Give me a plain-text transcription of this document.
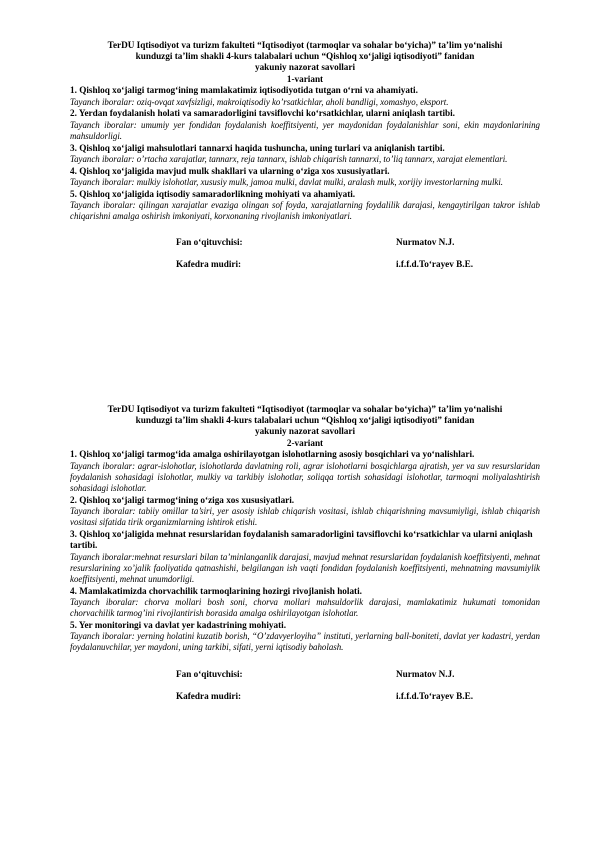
TerDU Iqtisodiyot va turizm fakulteti “Iqtisodiyot (tarmoqlar va sohalar bo‘yicha)” ta’lim yo‘nalishi
kunduzgi ta’lim shakli 4-kurs talabalari uchun “Qishloq xo‘jaligi iqtisodiyoti” fanidan
yakuniy nazorat savollari
1-variant
1. Qishloq xo‘jaligi tarmog‘ining mamlakatimiz iqtisodiyotida tutgan o‘rni va ahamiyati.
Tayanch iboralar: oziq-ovqat xavfsizligi, makroiqtisodiy ko’rsatkichlar, aholi bandligi, xomashyo, eksport.
2. Yerdan foydalanish holati va samaradorligini tavsiflovchi ko‘rsatkichlar, ularni aniqlash tartibi.
Tayanch iboralar: umumiy yer fondidan foydalanish koeffitsiyenti, yer maydonidan foydalanishlar soni, ekin maydonlarining mahsuldorligi.
3. Qishloq xo‘jaligi mahsulotlari tannarxi haqida tushuncha, uning turlari va aniqlanish tartibi.
Tayanch iboralar: o’rtacha xarajatlar, tannarx, reja tannarx, ishlab chiqarish tannarxi, to’liq tannarx, xarajat elementlari.
4. Qishloq xo‘jaligida mavjud mulk shakllari va ularning o‘ziga xos xususiyatlari.
Tayanch iboralar: mulkiy islohotlar, xususiy mulk, jamoa mulki, davlat mulki, aralash mulk, xorijiy investorlarning mulki.
5. Qishloq xo‘jaligida iqtisodiy samaradorlikning mohiyati va ahamiyati.
Tayanch iboralar: qilingan xarajatlar evaziga olingan sof foyda, xarajatlarning foydalilik darajasi, kengaytirilgan takror ishlab chiqarishni amalga oshirish imkoniyati, korxonaning rivojlanish imkoniyatlari.
Fan o‘qituvchisi:	Nurmatov N.J.
Kafedra mudiri:	i.f.f.d.To‘rayev B.E.
TerDU Iqtisodiyot va turizm fakulteti “Iqtisodiyot (tarmoqlar va sohalar bo‘yicha)” ta’lim yo‘nalishi
kunduzgi ta’lim shakli 4-kurs talabalari uchun “Qishloq xo‘jaligi iqtisodiyoti” fanidan
yakuniy nazorat savollari
2-variant
1. Qishloq xo‘jaligi tarmog‘ida amalga oshirilayotgan islohotlarning asosiy bosqichlari va yo‘nalishlari.
Tayanch iboralar: agrar-islohotlar, islohotlarda davlatning roli, agrar islohotlarni bosqichlarga ajratish, yer va suv resurslaridan foydalanish sohasidagi islohotlar, mulkiy va tarkibiy islohotlar, soliqqa tortish sohasidagi islohotlar, tarmoqni moliyalashtirish sohasidagi islohotlar.
2. Qishloq xo‘jaligi tarmog‘ining o‘ziga xos xususiyatlari.
Tayanch iboralar: tabiiy omillar ta’siri, yer asosiy ishlab chiqarish vositasi, ishlab chiqarishning mavsumiyligi, ishlab chiqarish vositasi sifatida tirik organizmlarning ishtirok etishi.
3. Qishloq xo‘jaligida mehnat resurslaridan foydalanish samaradorligini tavsiflovchi ko‘rsatkichlar va ularni aniqlash tartibi.
Tayanch iboralar:mehnat resurslari bilan ta’minlanganlik darajasi, mavjud mehnat resurslaridan foydalanish koeffitsiyenti, mehnat resurslarining xo’jalik faoliyatida qatnashishi, belgilangan ish vaqti fondidan foydalanish koeffitsiyenti, mehnatning mavsumiylik koeffitsiyenti, mehnat unumdorligi.
4. Mamlakatimizda chorvachilik tarmoqlarining hozirgi rivojlanish holati.
Tayanch iboralar: chorva mollari bosh soni, chorva mollari mahsuldorlik darajasi, mamlakatimiz hukumati tomonidan chorvachilik tarmog’ini rivojlantirish borasida amalga oshirilayotgan islohotlar.
5. Yer monitoringi va davlat yer kadastrining mohiyati.
Tayanch iboralar: yerning holatini kuzatib borish, “O’zdavyerloyiha” instituti, yerlarning ball-boniteti, davlat yer kadastri, yerdan foydalanuvchilar, yer maydoni, uning tarkibi, sifati, yerni iqtisodiy baholash.
Fan o‘qituvchisi:	Nurmatov N.J.
Kafedra mudiri:	i.f.f.d.To‘rayev B.E.
